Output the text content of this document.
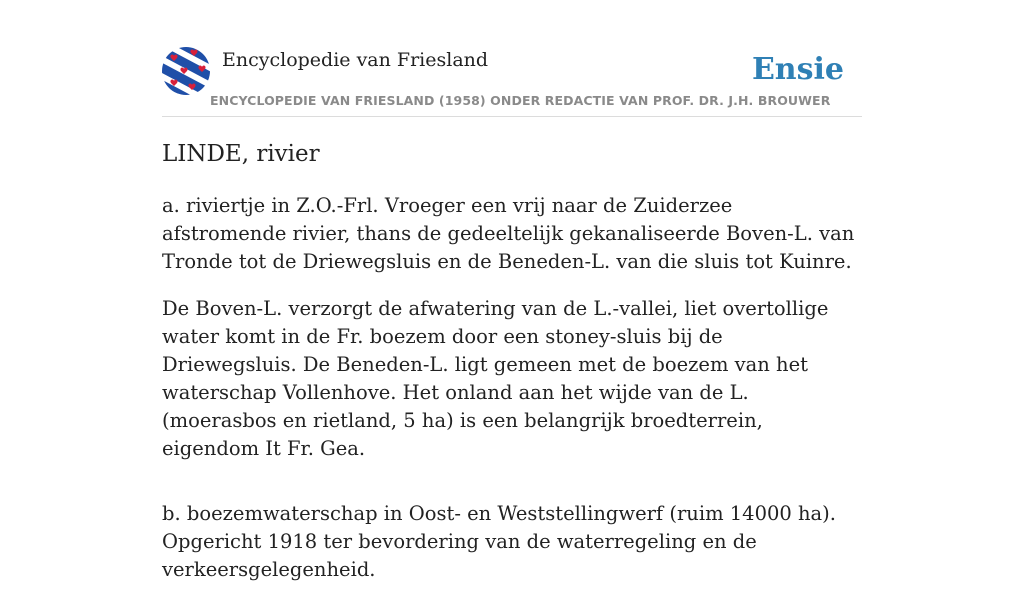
Encyclopedie van Friesland	Ensie
ENCYCLOPEDIE VAN FRIESLAND (1958) ONDER REDACTIE VAN PROF. DR. J.H. BROUWER
LINDE, rivier

a. riviertje in Z.O.-Frl. Vroeger een vrij naar de Zuiderzee afstromende rivier, thans de gedeeltelijk gekanaliseerde Boven-L. van Tronde tot de Driewegsluis en de Beneden-L. van die sluis tot Kuinre.

De Boven-L. verzorgt de afwatering van de L.-vallei, liet overtollige water komt in de Fr. boezem door een stoney-sluis bij de Driewegsluis. De Beneden-L. ligt gemeen met de boezem van het waterschap Vollenhove. Het onland aan het wijde van de L. (moerasbos en rietland, 5 ha) is een belangrijk broedterrein, eigendom It Fr. Gea.

b. boezemwaterschap in Oost- en Weststellingwerf (ruim 14000 ha). Opgericht 1918 ter bevordering van de waterregeling en de verkeersgelegenheid.
